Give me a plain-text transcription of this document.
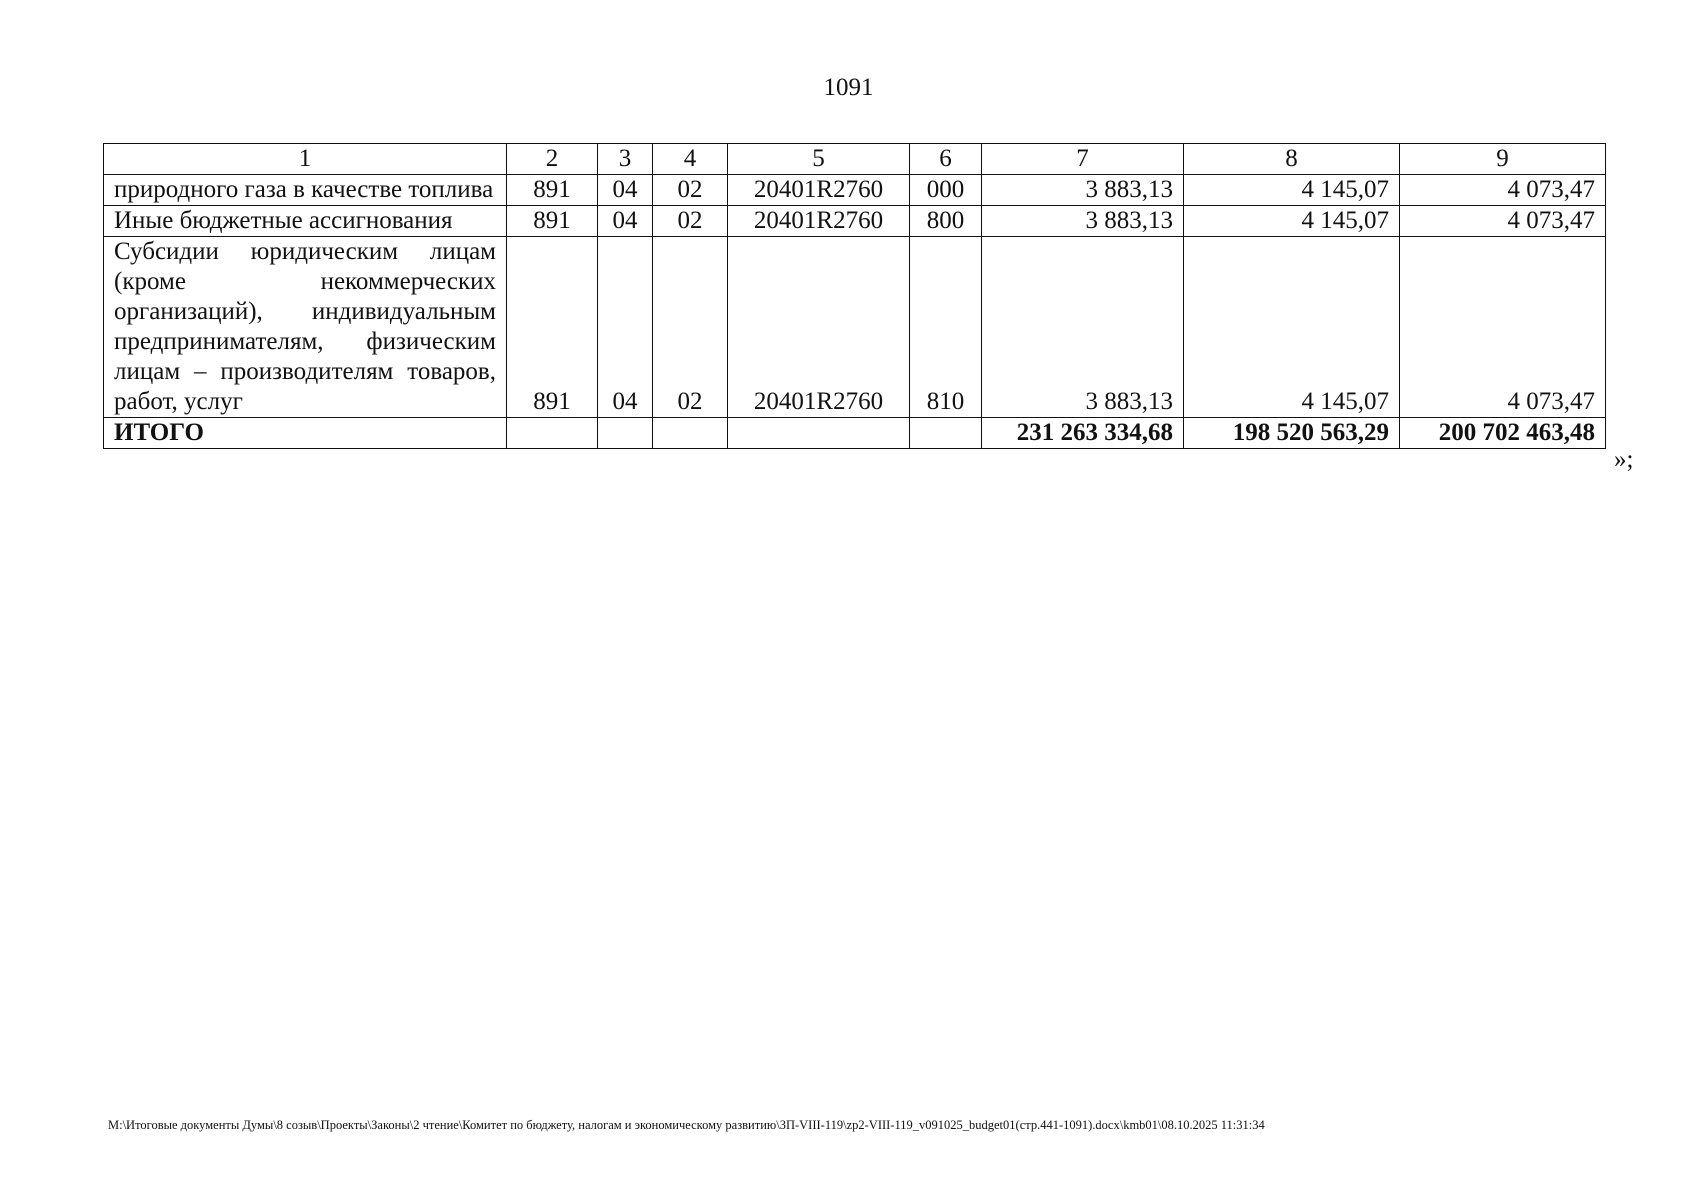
1091
1	2	3	4	5	6	7	8	9
природного газа в качестве топлива	891	04	02	20401R2760	000	3 883,13	4 145,07	4 073,47
Иные бюджетные ассигнования	891	04	02	20401R2760	800	3 883,13	4 145,07	4 073,47
Субсидии юридическим лицам (кроме некоммерческих организаций), индивидуальным предпринимателям, физическим лицам – производителям товаров, работ, услуг	891	04	02	20401R2760	810	3 883,13	4 145,07	4 073,47
ИТОГО						231 263 334,68	198 520 563,29	200 702 463,48
»;
M:\Итоговые документы Думы\8 созыв\Проекты\Законы\2 чтение\Комитет по бюджету, налогам и экономическому развитию\ЗП-VIII-119\zp2-VIII-119_v091025_budget01(стр.441-1091).docx\kmb01\08.10.2025 11:31:34
